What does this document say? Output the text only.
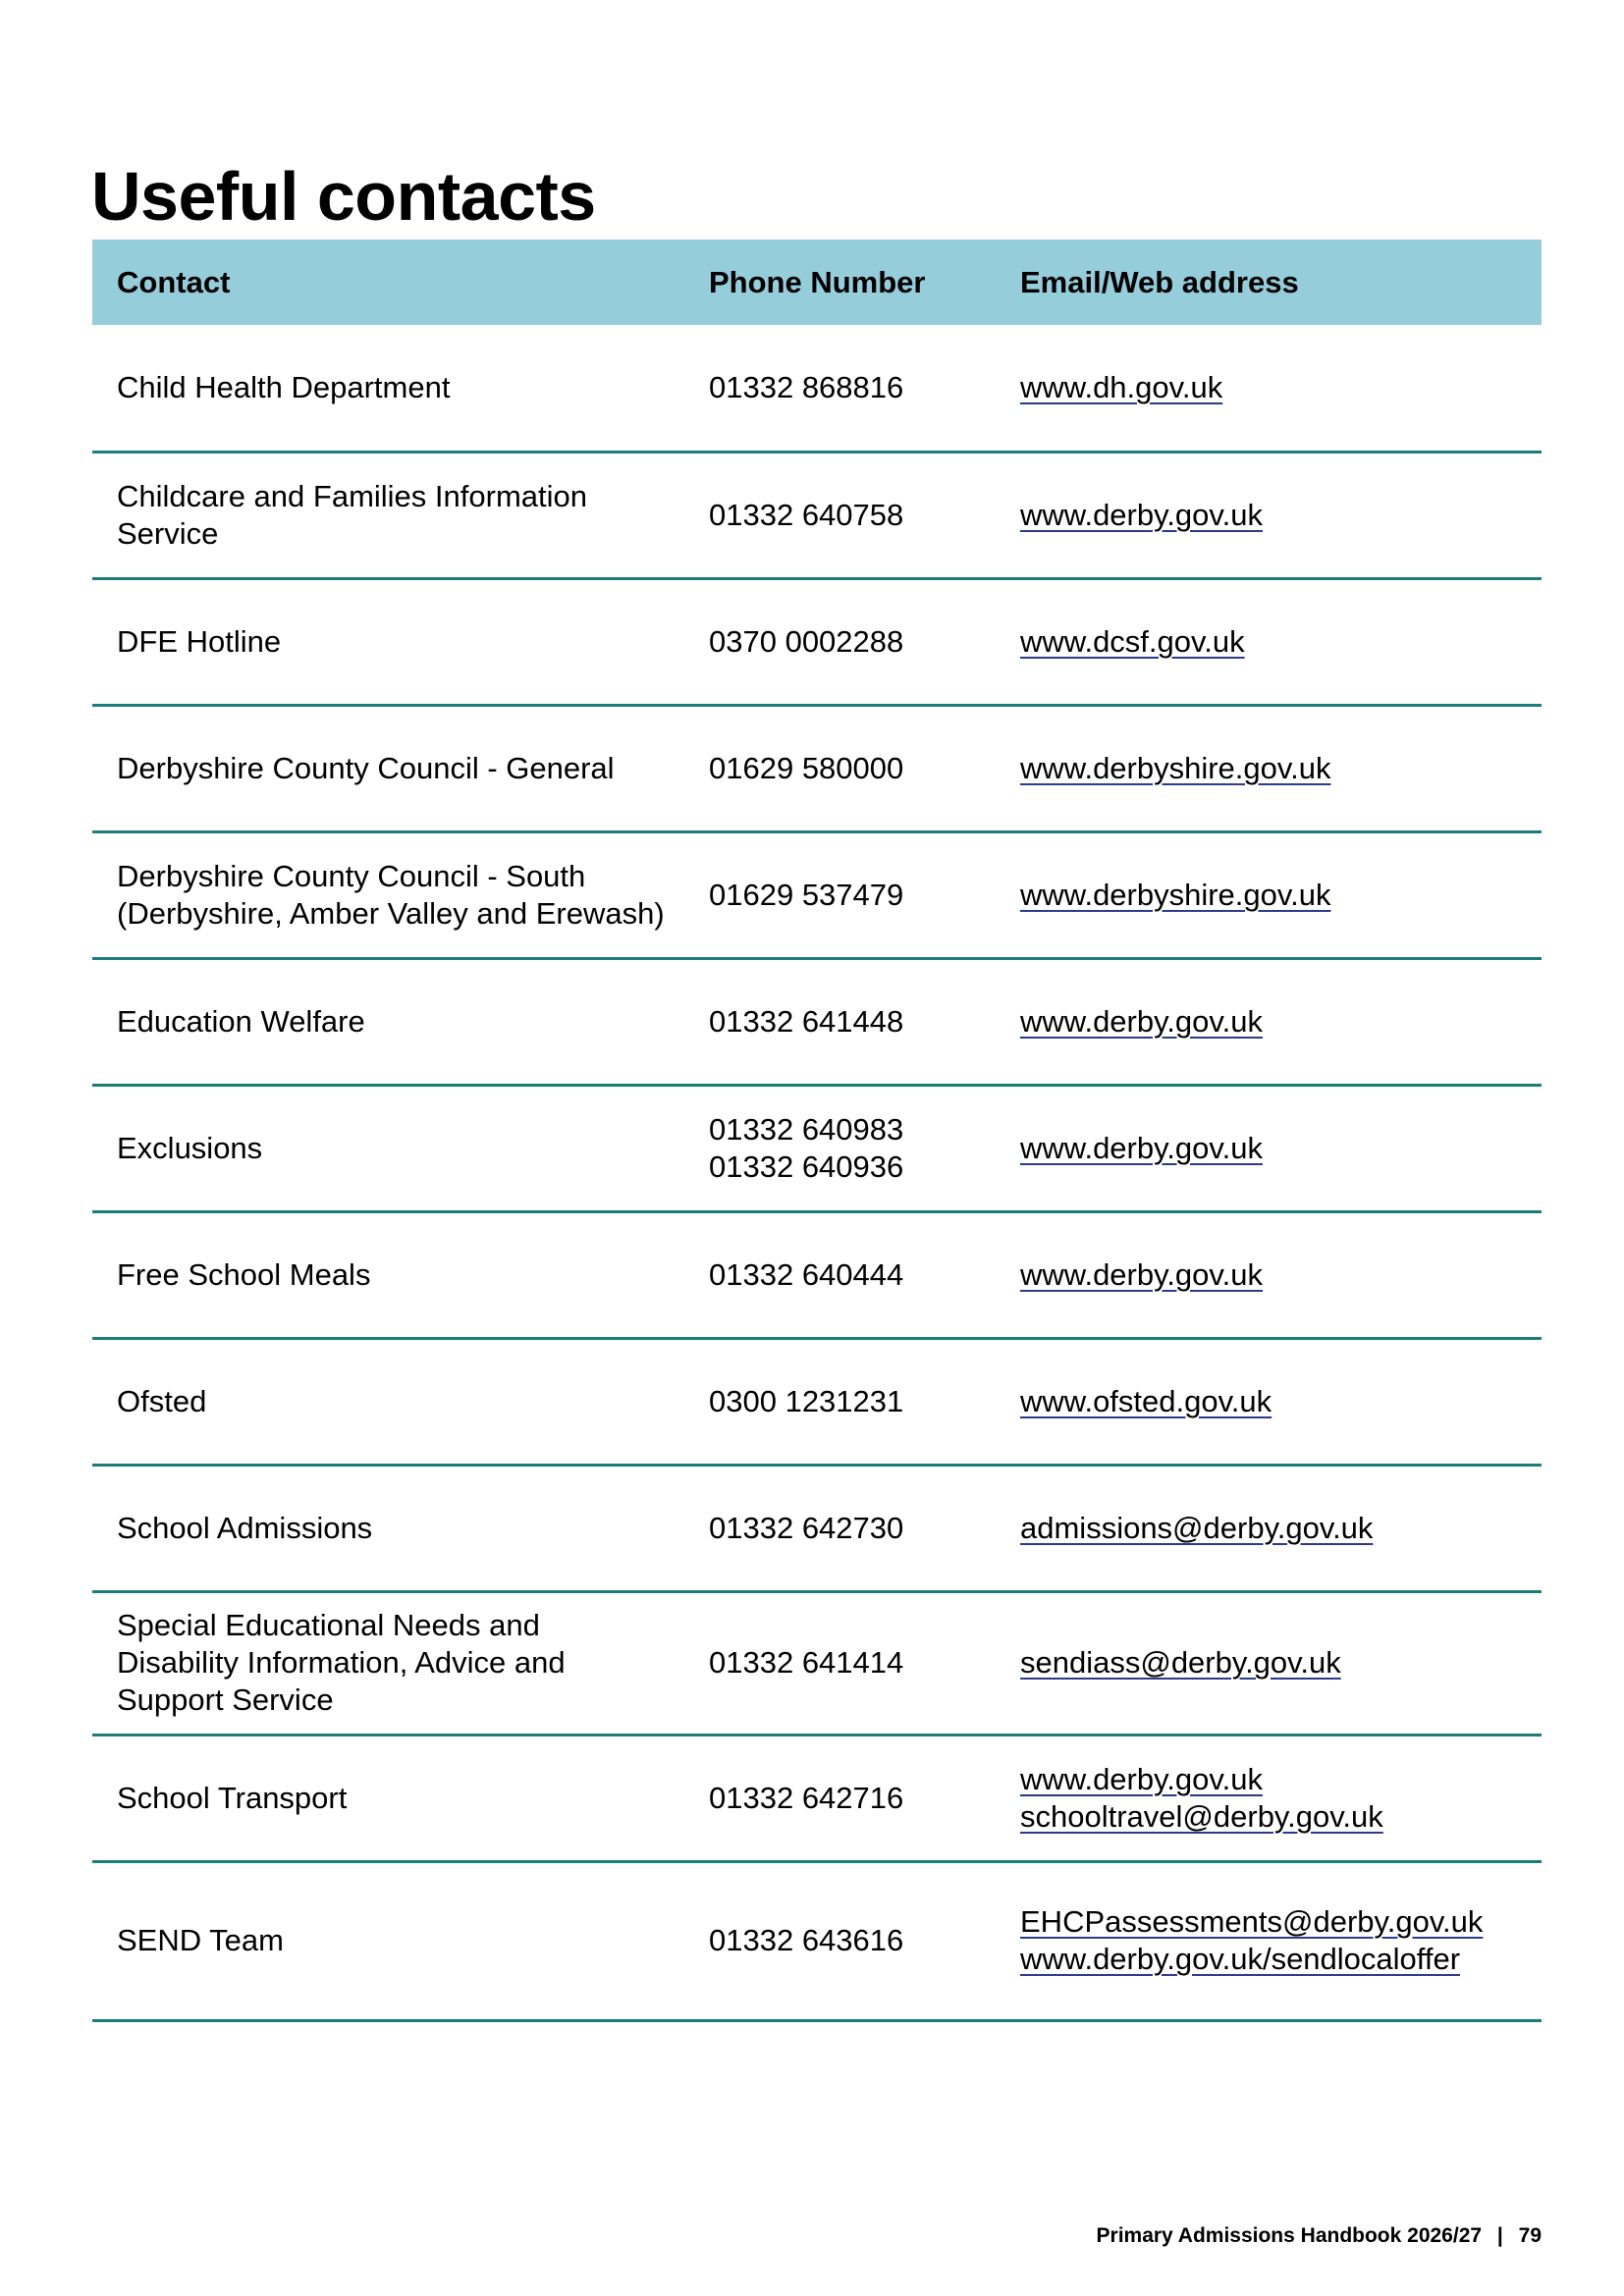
Useful contacts
Contact	Phone Number	Email/Web address

Child Health Department	01332 868816	www.dh.gov.uk

Childcare and Families Information
Service	01332 640758	www.derby.gov.uk

DFE Hotline	0370 0002288	www.dcsf.gov.uk

Derbyshire County Council - General	01629 580000	www.derbyshire.gov.uk

Derbyshire County Council - South
(Derbyshire, Amber Valley and Erewash)	01629 537479	www.derbyshire.gov.uk

Education Welfare	01332 641448	www.derby.gov.uk

Exclusions	01332 640983
01332 640936	www.derby.gov.uk

Free School Meals	01332 640444	www.derby.gov.uk

Ofsted	0300 1231231	www.ofsted.gov.uk

School Admissions	01332 642730	admissions@derby.gov.uk

Special Educational Needs and
Disability Information, Advice and
Support Service	01332 641414	sendiass@derby.gov.uk

School Transport	01332 642716	www.derby.gov.uk
schooltravel@derby.gov.uk

SEND Team	01332 643616	EHCPassessments@derby.gov.uk
www.derby.gov.uk/sendlocaloffer
Primary Admissions Handbook 2026/27 | 79
